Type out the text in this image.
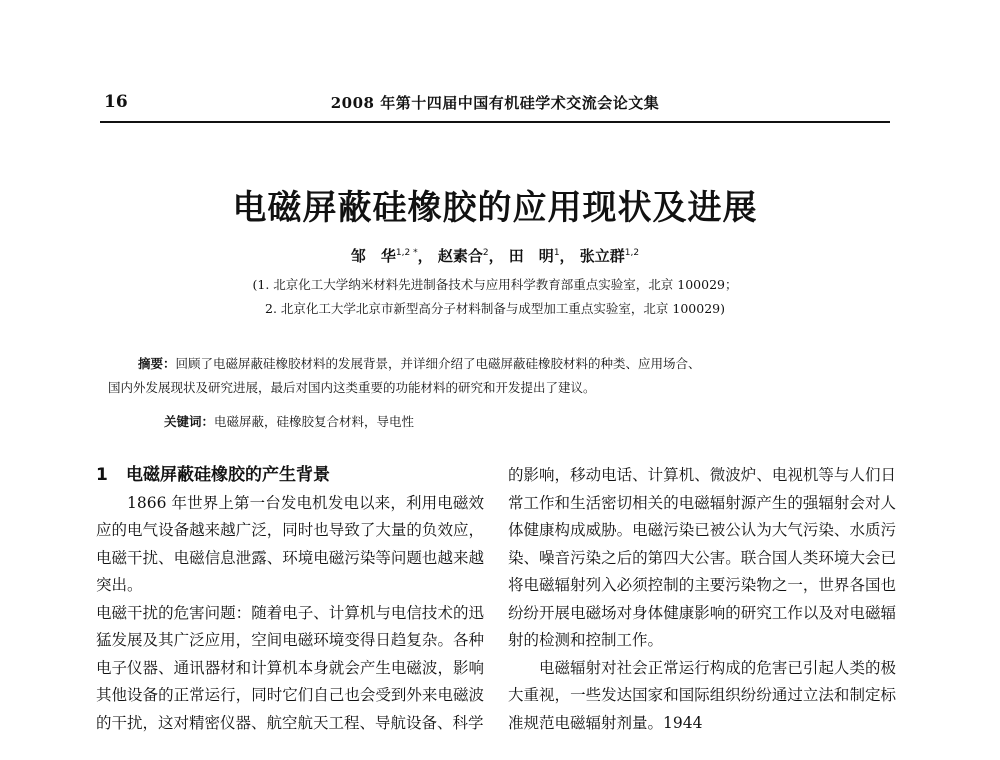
16	2008 年第十四届中国有机硅学术交流会论文集
电磁屏蔽硅橡胶的应用现状及进展
邹　华$^{1,2 *}$， 赵素合$^2$， 田　明$^1$， 张立群$^{1,2}$
(1. 北京化工大学纳米材料先进制备技术与应用科学教育部重点实验室，北京 100029；
2. 北京化工大学北京市新型高分子材料制备与成型加工重点实验室，北京 100029)

摘要：回顾了电磁屏蔽硅橡胶材料的发展背景，并详细介绍了电磁屏蔽硅橡胶材料的种类、应用场合、

国内外发展现状及研究进展，最后对国内这类重要的功能材料的研究和开发提出了建议。

关键词：电磁屏蔽，硅橡胶复合材料，导电性

1 电磁屏蔽硅橡胶的产生背景

1866 年世界上第一台发电机发电以来，利用电磁效应的电气设备越来越广泛，同时也导致了大量的负效应，电磁干扰、电磁信息泄露、环境电磁污染等问题也越来越突出。

电磁干扰的危害问题：随着电子、计算机与电信技术的迅猛发展及其广泛应用，空间电磁环境变得日趋复杂。各种电子仪器、通讯器材和计算机本身就会产生电磁波，影响其他设备的正常运行，同时它们自己也会受到外来电磁波的干扰，这对精密仪器、航空航天工程、导航设备、科学

的影响，移动电话、计算机、微波炉、电视机等与人们日常工作和生活密切相关的电磁辐射源产生的强辐射会对人体健康构成威胁。电磁污染已被公认为大气污染、水质污染、噪音污染之后的第四大公害。联合国人类环境大会已将电磁辐射列入必须控制的主要污染物之一，世界各国也纷纷开展电磁场对身体健康影响的研究工作以及对电磁辐射的检测和控制工作。

电磁辐射对社会正常运行构成的危害已引起人类的极大重视，一些发达国家和国际组织纷纷通过立法和制定标准规范电磁辐射剂量。1944
